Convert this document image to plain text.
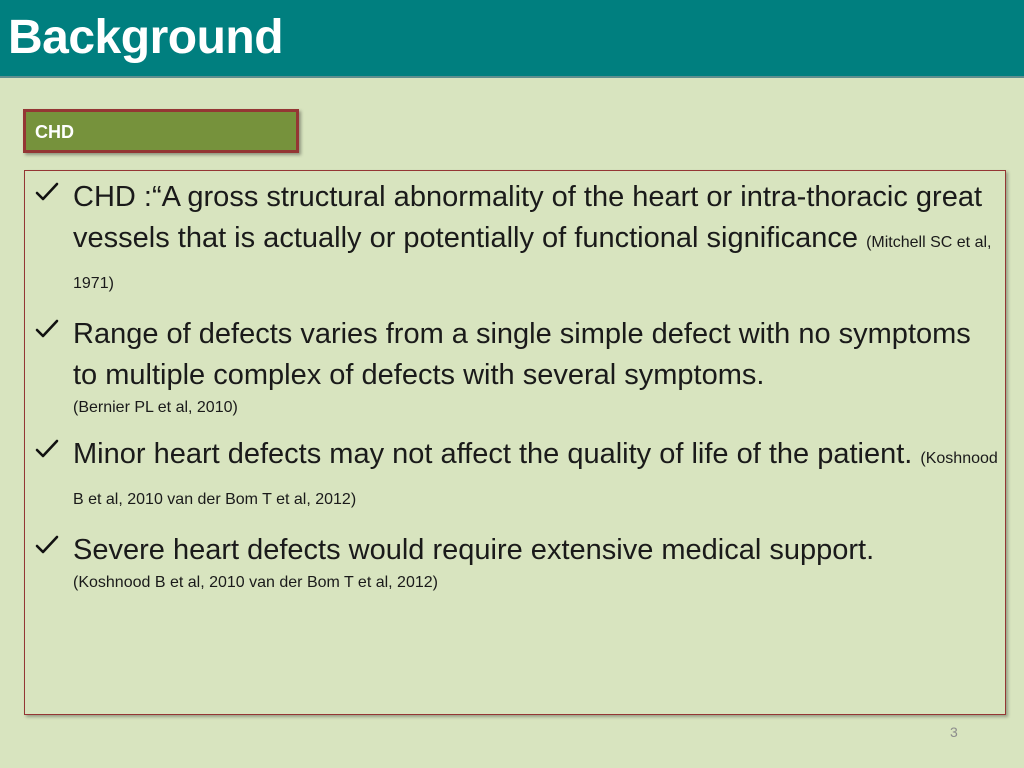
Background
CHD

CHD :“A gross structural abnormality of the heart or intra-thoracic great vessels that is actually or potentially of functional significance (Mitchell SC et al, 1971)

Range of defects varies from a single simple defect with no symptoms to multiple complex of defects with several symptoms.
(Bernier PL et al, 2010)

Minor heart defects may not affect the quality of life of the patient. (Koshnood B et al, 2010 van der Bom T et al, 2012)

Severe heart defects would require extensive medical support.
(Koshnood B et al, 2010 van der Bom T et al, 2012)

3
